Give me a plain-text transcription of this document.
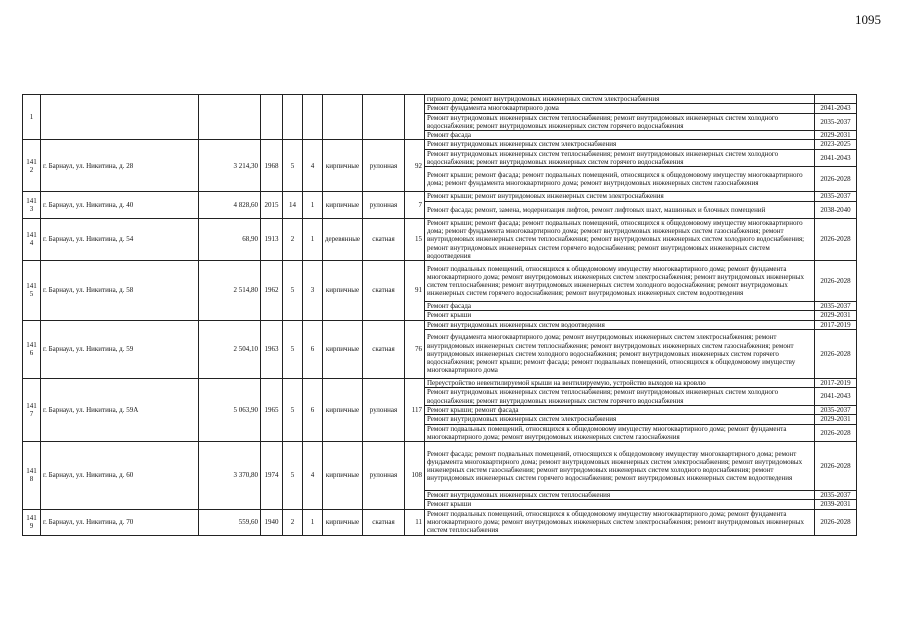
1095
1									гирного дома; ремонт внутридомовых инженерных систем электроснабжения	
									Ремонт фундамента многоквартирного дома	2041-2043
									Ремонт внутридомовых инженерных систем теплоснабжения; ремонт внутридомовых инженерных систем холодного водоснабжения; ремонт внутридомовых инженерных систем горячего водоснабжения	2035-2037
									Ремонт фасада	2029-2031
141 2	г. Барнаул, ул. Никитина, д. 28	3 214,30	1968	5	4	кирпичные	рулонная	92	Ремонт внутридомовых инженерных систем электроснабжения	2023-2025
									Ремонт внутридомовых инженерных систем теплоснабжения; ремонт внутридомовых инженерных систем холодного водоснабжения; ремонт внутридомовых инженерных систем горячего водоснабжения	2041-2043
									Ремонт крыши; ремонт фасада; ремонт подвальных помещений, относящихся к общедомовому имуществу многоквартирного дома; ремонт фундамента многоквартирного дома; ремонт внутридомовых инженерных систем газоснабжения	2026-2028
141 3	г. Барнаул, ул. Никитина, д. 40	4 828,60	2015	14	1	кирпичные	рулонная	7	Ремонт крыши; ремонт внутридомовых инженерных систем электроснабжения	2035-2037
									Ремонт фасада; ремонт, замена, модернизация лифтов, ремонт лифтовых шахт, машинных и блочных помещений	2038-2040
141 4	г. Барнаул, ул. Никитина, д. 54	68,90	1913	2	1	деревянные	скатная	15	Ремонт крыши; ремонт фасада; ремонт подвальных помещений, относящихся к общедомовому имуществу многоквартирного дома; ремонт фундамента многоквартирного дома; ремонт внутридомовых инженерных систем газоснабжения; ремонт внутридомовых инженерных систем теплоснабжения; ремонт внутридомовых инженерных систем холодного водоснабжения; ремонт внутридомовых инженерных систем горячего водоснабжения; ремонт внутридомовых инженерных систем водоотведения	2026-2028
141 5	г. Барнаул, ул. Никитина, д. 58	2 514,80	1962	5	3	кирпичные	скатная	91	Ремонт подвальных помещений, относящихся к общедомовому имуществу многоквартирного дома; ремонт фундамента многоквартирного дома; ремонт внутридомовых инженерных систем электроснабжения; ремонт внутридомовых инженерных систем теплоснабжения; ремонт внутридомовых инженерных систем холодного водоснабжения; ремонт внутридомовых инженерных систем горячего водоснабжения; ремонт внутридомовых инженерных систем водоотведения	2026-2028
									Ремонт фасада	2035-2037
									Ремонт крыши	2029-2031
141 6	г. Барнаул, ул. Никитина, д. 59	2 504,10	1963	5	6	кирпичные	скатная	76	Ремонт внутридомовых инженерных систем водоотведения	2017-2019
									Ремонт фундамента многоквартирного дома; ремонт внутридомовых инженерных систем электроснабжения; ремонт внутридомовых инженерных систем теплоснабжения; ремонт внутридомовых инженерных систем газоснабжения; ремонт внутридомовых инженерных систем холодного водоснабжения; ремонт внутридомовых инженерных систем горячего водоснабжения; ремонт крыши; ремонт фасада; ремонт подвальных помещений, относящихся к общедомовому имуществу многоквартирного дома	2026-2028
141 7	г. Барнаул, ул. Никитина, д. 59А	5 063,90	1965	5	6	кирпичные	рулонная	117	Переустройство невентилируемой крыши на вентилируемую, устройство выходов на кровлю	2017-2019
									Ремонт внутридомовых инженерных систем теплоснабжения; ремонт внутридомовых инженерных систем холодного водоснабжения; ремонт внутридомовых инженерных систем горячего водоснабжения	2041-2043
									Ремонт крыши; ремонт фасада	2035-2037
									Ремонт внутридомовых инженерных систем электроснабжения	2029-2031
									Ремонт подвальных помещений, относящихся к общедомовому имуществу многоквартирного дома; ремонт фундамента многоквартирного дома; ремонт внутридомовых инженерных систем газоснабжения	2026-2028
141 8	г. Барнаул, ул. Никитина, д. 60	3 370,80	1974	5	4	кирпичные	рулонная	108	Ремонт фасада; ремонт подвальных помещений, относящихся к общедомовому имуществу многоквартирного дома; ремонт фундамента многоквартирного дома; ремонт внутридомовых инженерных систем электроснабжения; ремонт внутридомовых инженерных систем газоснабжения; ремонт внутридомовых инженерных систем холодного водоснабжения; ремонт внутридомовых инженерных систем горячего водоснабжения; ремонт внутридомовых инженерных систем водоотведения	2026-2028
									Ремонт внутридомовых инженерных систем теплоснабжения	2035-2037
									Ремонт крыши	2039-2031
141 9	г. Барнаул, ул. Никитина, д. 70	559,60	1940	2	1	кирпичные	скатная	11	Ремонт подвальных помещений, относящихся к общедомовому имуществу многоквартирного дома; ремонт фундамента многоквартирного дома; ремонт внутридомовых инженерных систем электроснабжения; ремонт внутридомовых инженерных систем теплоснабжения	2026-2028
